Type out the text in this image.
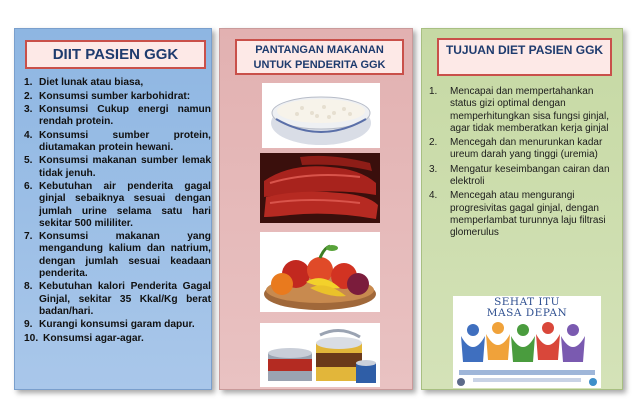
DIIT PASIEN GGK	PANTANGAN MAKANAN UNTUK PENDERITA GGK
TUJUAN DIET PASIEN GGK
1. Diet lunak atau biasa,
2. Konsumsi sumber karbohidrat:
3. Konsumsi Cukup energi namun rendah protein.
4. Konsumsi sumber protein, diutamakan protein hewani.
5. Konsumsi makanan sumber lemak tidak jenuh.
6. Kebutuhan air penderita gagal ginjal sebaiknya sesuai dengan jumlah urine selama satu hari sekitar 500 mililiter.
7. Konsumsi makanan yang mengandung kalium dan natrium, dengan jumlah sesuai keadaan penderita.
8. Kebutuhan kalori Penderita Gagal Ginjal, sekitar 35 Kkal/Kg berat badan/hari.
9. Kurangi konsumsi garam dapur.
10. Konsumsi agar-agar.
1.	Mencapai dan mempertahankan status gizi optimal dengan memperhitungkan sisa fungsi ginjal, agar tidak memberatkan kerja ginjal
2.	Mencegah dan menurunkan kadar ureum darah yang tinggi (uremia)
3.	Mengatur keseimbangan cairan dan elektroli
4.	Mencegah atau mengurangi progresivitas gagal ginjal, dengan memperlambat turunnya laju filtrasi glomerulus
SEHAT ITU
MASA DEPAN
